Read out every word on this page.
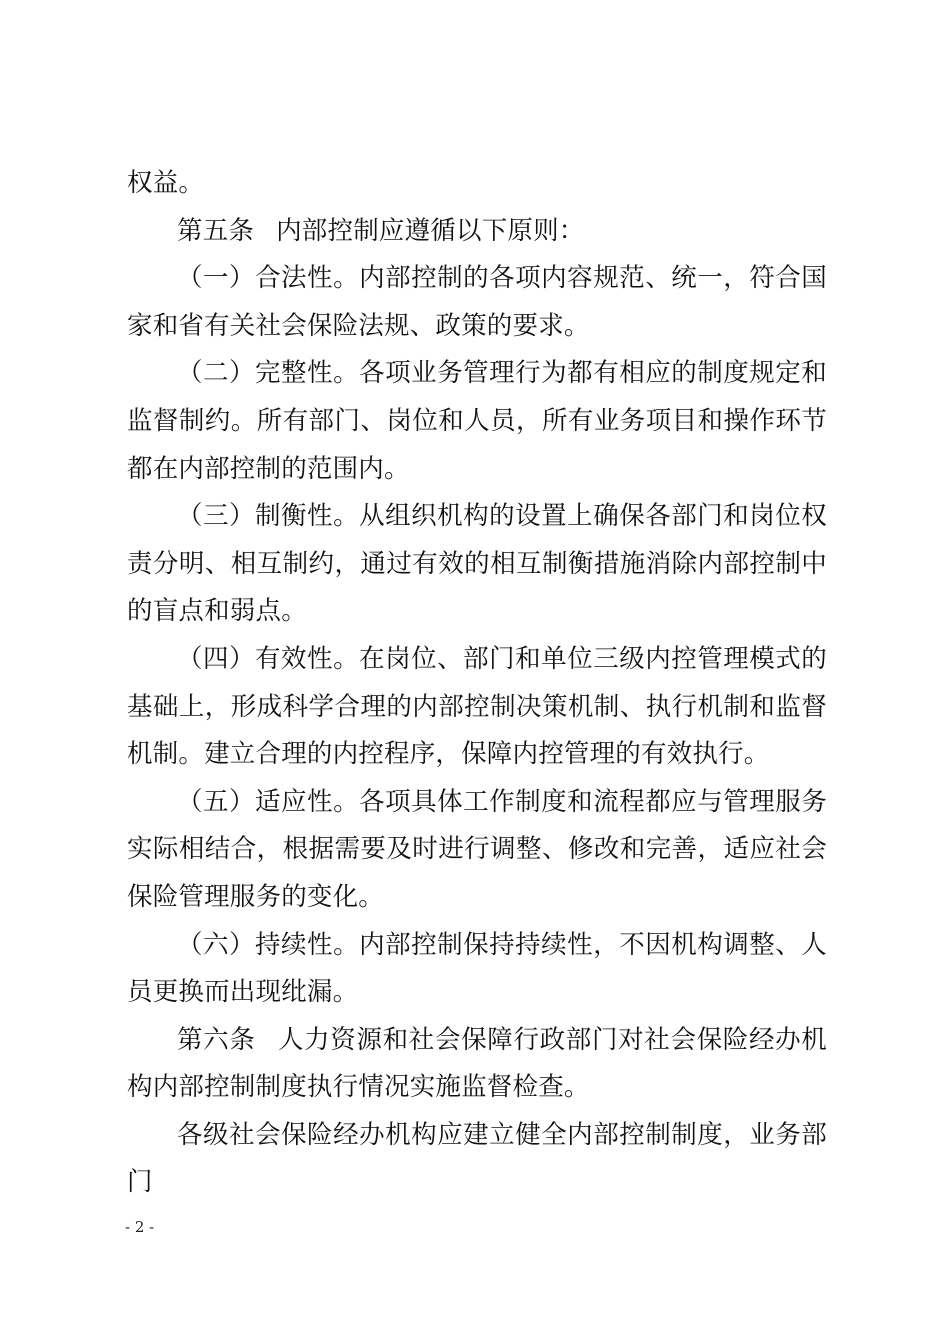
权益。

第五条 内部控制应遵循以下原则：

（一）合法性。内部控制的各项内容规范、统一，符合国家和省有关社会保险法规、政策的要求。

（二）完整性。各项业务管理行为都有相应的制度规定和监督制约。所有部门、岗位和人员，所有业务项目和操作环节都在内部控制的范围内。

（三）制衡性。从组织机构的设置上确保各部门和岗位权责分明、相互制约，通过有效的相互制衡措施消除内部控制中的盲点和弱点。

（四）有效性。在岗位、部门和单位三级内控管理模式的基础上，形成科学合理的内部控制决策机制、执行机制和监督机制。建立合理的内控程序，保障内控管理的有效执行。

（五）适应性。各项具体工作制度和流程都应与管理服务实际相结合，根据需要及时进行调整、修改和完善，适应社会保险管理服务的变化。

（六）持续性。内部控制保持持续性，不因机构调整、人员更换而出现纰漏。

第六条 人力资源和社会保障行政部门对社会保险经办机构内部控制制度执行情况实施监督检查。

各级社会保险经办机构应建立健全内部控制制度，业务部门

- 2 -
